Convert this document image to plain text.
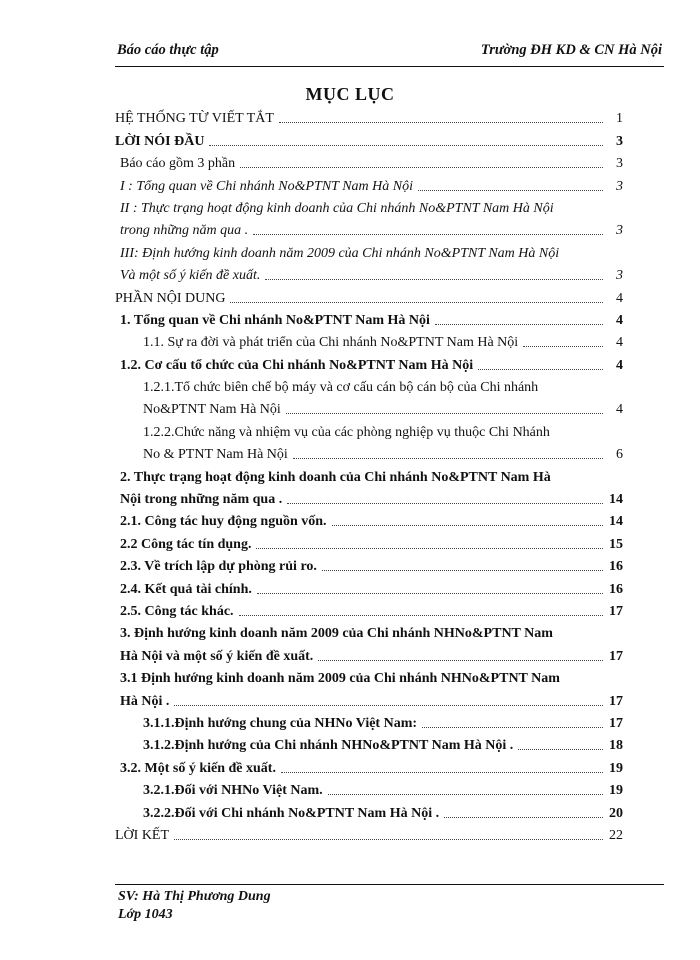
Báo cáo thực tập	Trường ĐH KD & CN Hà Nội
MỤC LỤC
HỆ THỐNG TỪ VIẾT TẮT	1
LỜI NÓI ĐẦU	3
Báo cáo gồm 3 phần	3
I : Tổng quan về Chi nhánh No&PTNT Nam Hà Nội	3
II : Thực trạng hoạt động kinh doanh của Chi nhánh No&PTNT Nam Hà Nội
trong những năm qua .	3
III: Định hướng kinh doanh năm 2009 của Chi nhánh No&PTNT Nam Hà Nội
Và một số ý kiến đề xuất.	3
PHẦN NỘI DUNG	4
1. Tổng quan về Chi nhánh No&PTNT Nam Hà Nội	4
1.1. Sự ra đời và phát triển của Chi nhánh No&PTNT Nam Hà Nội	4
1.2. Cơ cấu tổ chức của Chi nhánh No&PTNT Nam Hà Nội	4
1.2.1.Tổ chức biên chế bộ máy và cơ cấu cán bộ cán bộ của Chi nhánh
No&PTNT Nam Hà Nội	4
1.2.2.Chức năng và nhiệm vụ của các phòng nghiệp vụ thuộc Chi Nhánh
No & PTNT Nam Hà Nội	6
2. Thực trạng hoạt động kinh doanh của Chi nhánh No&PTNT Nam Hà
Nội trong những năm qua .	14
2.1. Công tác huy động nguồn vốn.	14
2.2 Công tác tín dụng.	15
2.3. Về trích lập dự phòng rủi ro.	16
2.4. Kết quả tài chính.	16
2.5. Công tác khác.	17
3. Định hướng kinh doanh năm 2009 của Chi nhánh NHNo&PTNT Nam
Hà Nội và một số ý kiến đề xuất.	17
3.1 Định hướng kinh doanh năm 2009 của Chi nhánh NHNo&PTNT Nam
Hà Nội .	17
3.1.1.Định hướng chung của NHNo Việt Nam:	17
3.1.2.Định hướng của Chi nhánh NHNo&PTNT Nam Hà Nội .	18
3.2. Một số ý kiến đề xuất.	19
3.2.1.Đối với NHNo Việt Nam.	19
3.2.2.Đối với Chi nhánh No&PTNT Nam Hà Nội .	20
LỜI KẾT	22
SV: Hà Thị Phương Dung
Lớp 1043
